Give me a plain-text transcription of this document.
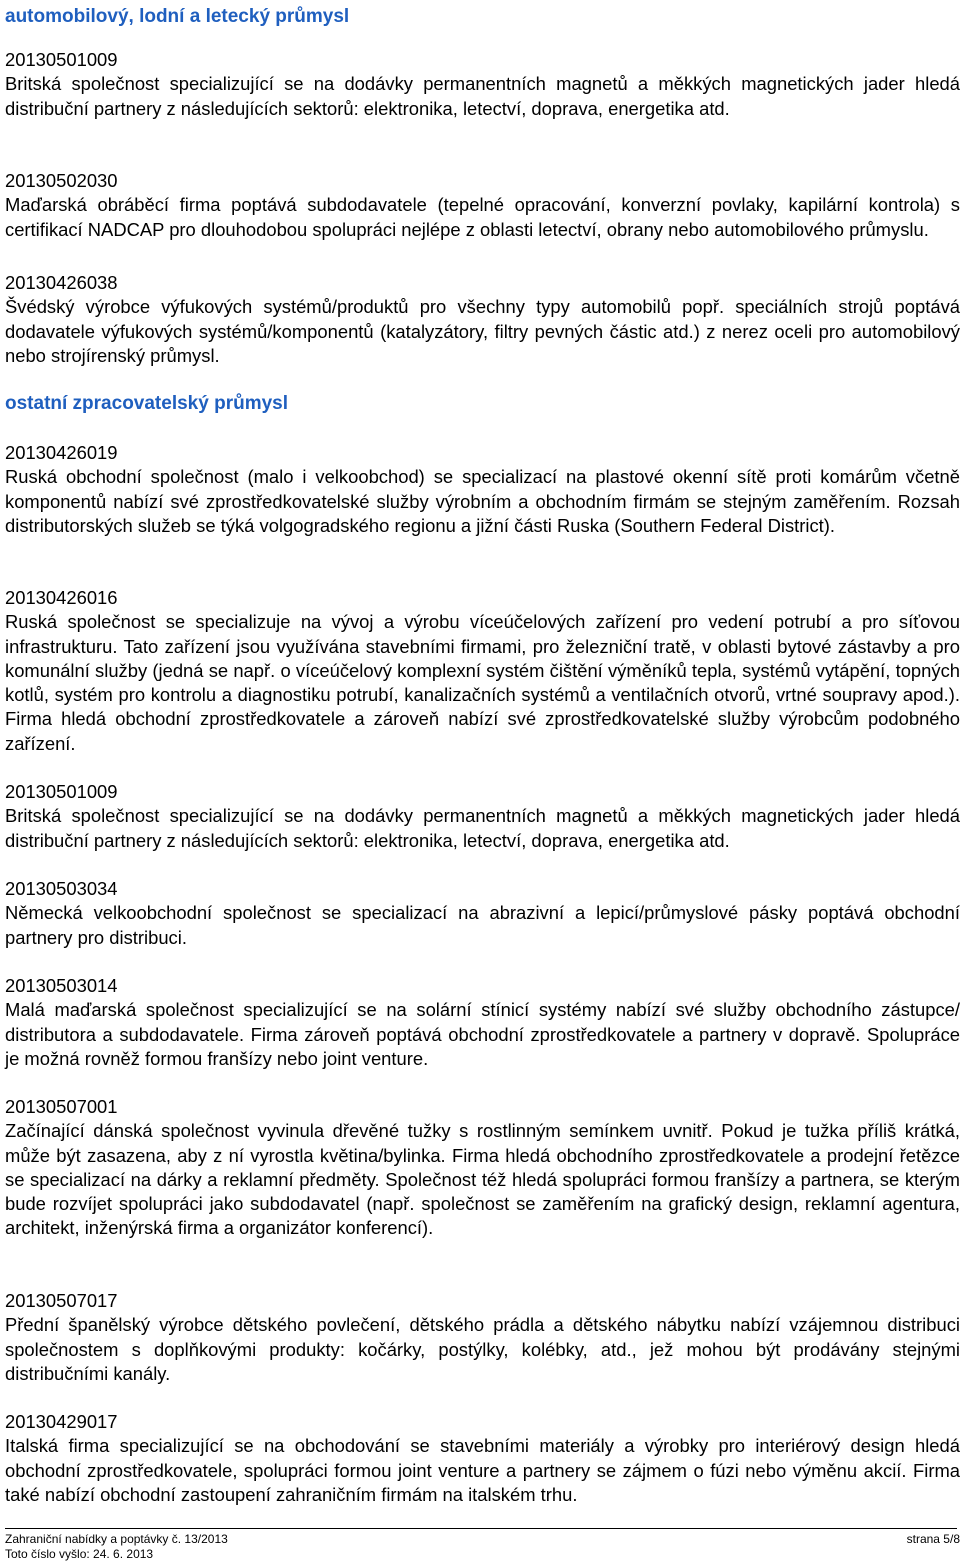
automobilový, lodní a letecký průmysl
20130501009
Britská společnost specializující se na dodávky permanentních magnetů a měkkých magnetických jader hledá distribuční partnery z následujících sektorů: elektronika, letectví, doprava, energetika atd.
20130502030
Maďarská obráběcí firma poptává subdodavatele (tepelné opracování, konverzní povlaky, kapilární kontrola) s certifikací NADCAP pro dlouhodobou spolupráci nejlépe z oblasti letectví, obrany nebo automobilového průmyslu.
20130426038
Švédský výrobce výfukových systémů/produktů pro všechny typy automobilů popř. speciálních strojů poptává dodavatele výfukových systémů/komponentů (katalyzátory, filtry pevných částic atd.) z nerez oceli pro automobilový nebo strojírenský průmysl.
ostatní zpracovatelský průmysl
20130426019
Ruská obchodní společnost (malo i velkoobchod) se specializací na plastové okenní sítě proti komárům včetně komponentů nabízí své zprostředkovatelské služby výrobním a obchodním firmám se stejným zaměřením. Rozsah distributorských služeb se týká volgogradského regionu a jižní části Ruska (Southern Federal District).
20130426016
Ruská společnost se specializuje na vývoj a výrobu víceúčelových zařízení pro vedení potrubí a pro síťovou infrastrukturu. Tato zařízení jsou využívána stavebními firmami, pro železniční tratě, v oblasti bytové zástavby a pro komunální služby (jedná se např. o víceúčelový komplexní systém čištění výměníků tepla, systémů vytápění, topných kotlů, systém pro kontrolu a diagnostiku potrubí, kanalizačních systémů a ventilačních otvorů, vrtné soupravy apod.). Firma hledá obchodní zprostředkovatele a zároveň nabízí své zprostředkovatelské služby výrobcům podobného zařízení.
20130501009
Britská společnost specializující se na dodávky permanentních magnetů a měkkých magnetických jader hledá distribuční partnery z následujících sektorů: elektronika, letectví, doprava, energetika atd.
20130503034
Německá velkoobchodní společnost se specializací na abrazivní a lepicí/průmyslové pásky poptává obchodní partnery pro distribuci.
20130503014
Malá maďarská společnost specializující se na solární stínicí systémy nabízí své služby obchodního zástupce/ distributora a subdodavatele. Firma zároveň poptává obchodní zprostředkovatele a partnery v dopravě. Spolupráce je možná rovněž formou franšízy nebo joint venture.
20130507001
Začínající dánská společnost vyvinula dřevěné tužky s rostlinným semínkem uvnitř. Pokud je tužka příliš krátká, může být zasazena, aby z ní vyrostla květina/bylinka. Firma hledá obchodního zprostředkovatele a prodejní řetězce se specializací na dárky a reklamní předměty. Společnost též hledá spolupráci formou franšízy a partnera, se kterým bude rozvíjet spolupráci jako subdodavatel (např. společnost se zaměřením na grafický design, reklamní agentura, architekt, inženýrská firma a organizátor konferencí).
20130507017
Přední španělský výrobce dětského povlečení, dětského prádla a dětského nábytku nabízí vzájemnou distribuci společnostem s doplňkovými produkty: kočárky, postýlky, kolébky, atd., jež mohou být prodávány stejnými distribučními kanály.
20130429017
Italská firma specializující se na obchodování se stavebními materiály a výrobky pro interiérový design hledá obchodní zprostředkovatele, spolupráci formou joint venture a partnery se zájmem o fúzi nebo výměnu akcií. Firma také nabízí obchodní zastoupení zahraničním firmám na italském trhu.
Zahraniční nabídky a poptávky č. 13/2013	strana 5/8
Toto číslo vyšlo: 24. 6. 2013
